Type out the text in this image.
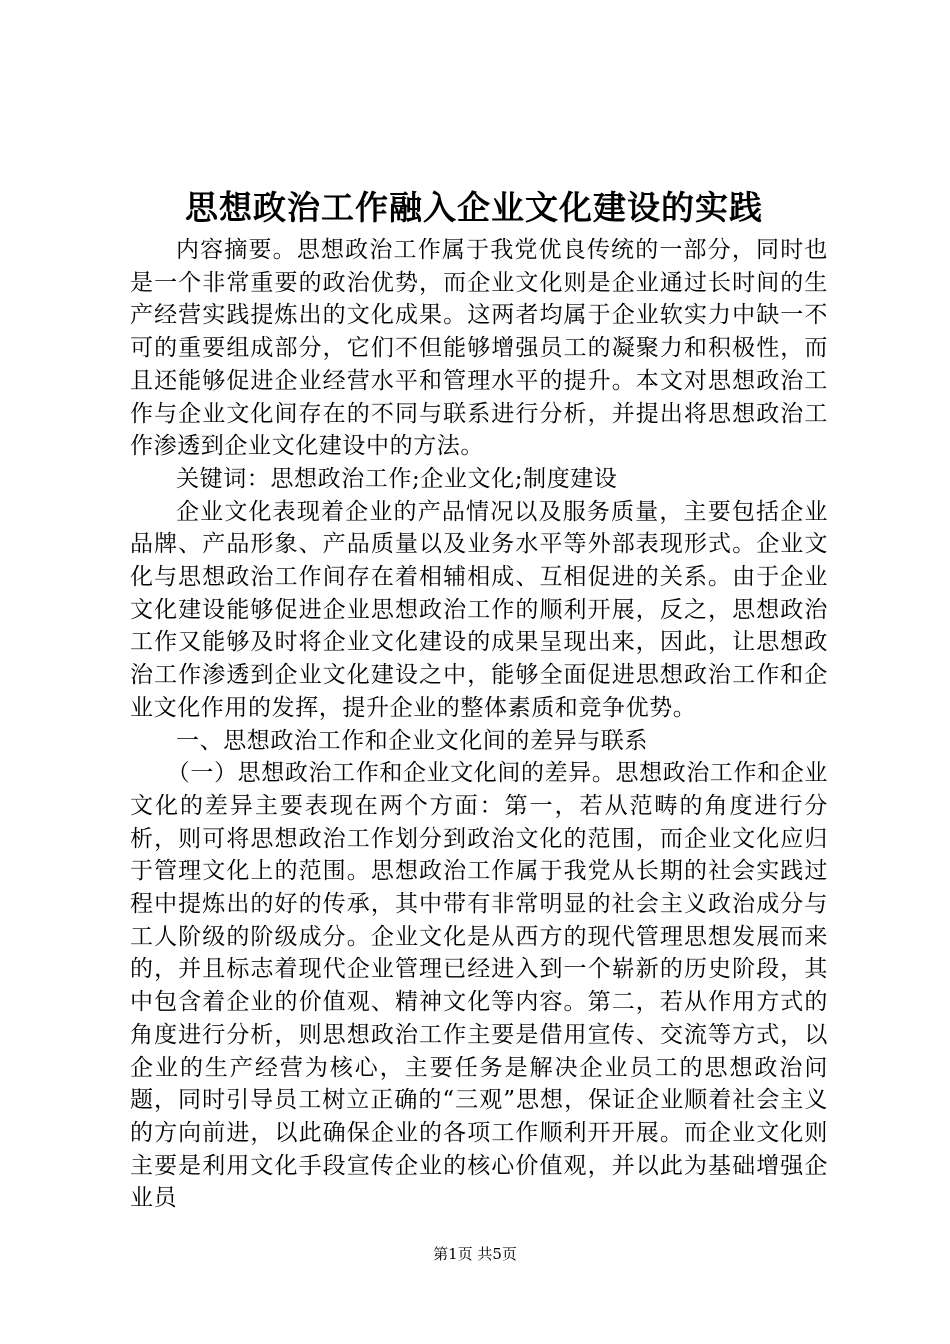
思想政治工作融入企业文化建设的实践

内容摘要。思想政治工作属于我党优良传统的一部分，同时也是一个非常重要的政治优势，而企业文化则是企业通过长时间的生产经营实践提炼出的文化成果。这两者均属于企业软实力中缺一不可的重要组成部分，它们不但能够增强员工的凝聚力和积极性，而且还能够促进企业经营水平和管理水平的提升。本文对思想政治工作与企业文化间存在的不同与联系进行分析，并提出将思想政治工作渗透到企业文化建设中的方法。

关键词：思想政治工作;企业文化;制度建设

企业文化表现着企业的产品情况以及服务质量，主要包括企业品牌、产品形象、产品质量以及业务水平等外部表现形式。企业文化与思想政治工作间存在着相辅相成、互相促进的关系。由于企业文化建设能够促进企业思想政治工作的顺利开展，反之，思想政治工作又能够及时将企业文化建设的成果呈现出来，因此，让思想政治工作渗透到企业文化建设之中，能够全面促进思想政治工作和企业文化作用的发挥，提升企业的整体素质和竞争优势。

一、思想政治工作和企业文化间的差异与联系

（一）思想政治工作和企业文化间的差异。思想政治工作和企业文化的差异主要表现在两个方面：第一，若从范畴的角度进行分析，则可将思想政治工作划分到政治文化的范围，而企业文化应归于管理文化上的范围。思想政治工作属于我党从长期的社会实践过程中提炼出的好的传承，其中带有非常明显的社会主义政治成分与工人阶级的阶级成分。企业文化是从西方的现代管理思想发展而来的，并且标志着现代企业管理已经进入到一个崭新的历史阶段，其中包含着企业的价值观、精神文化等内容。第二，若从作用方式的角度进行分析，则思想政治工作主要是借用宣传、交流等方式，以企业的生产经营为核心，主要任务是解决企业员工的思想政治问题，同时引导员工树立正确的“三观”思想，保证企业顺着社会主义的方向前进，以此确保企业的各项工作顺利开开展。而企业文化则主要是利用文化手段宣传企业的核心价值观，并以此为基础增强企业员

第1页 共5页
